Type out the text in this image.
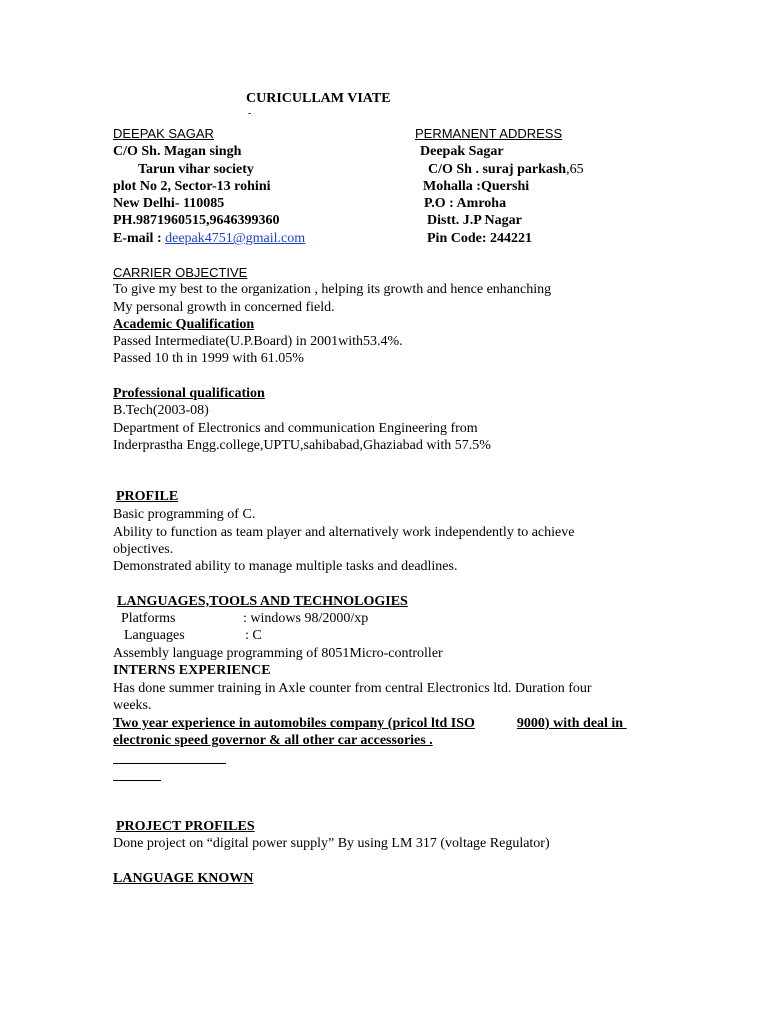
CURICULLAM VIATE
-
DEEPAK SAGAR
C/O Sh. Magan singh
Tarun vihar society
plot No 2, Sector-13 rohini
New Delhi- 110085
PH.9871960515,9646399360
E-mail : deepak4751@gmail.com
PERMANENT ADDRESS
Deepak Sagar
C/O Sh . suraj parkash,65
Mohalla :Quershi
P.O : Amroha
Distt. J.P Nagar
Pin Code: 244221
CARRIER OBJECTIVE
To give my best to the organization , helping its growth and hence enhanching
My personal growth in concerned field.
Academic Qualification
Passed Intermediate(U.P.Board) in 2001with53.4%.
Passed 10 th in 1999 with 61.05%
Professional qualification
B.Tech(2003-08)
Department of Electronics and communication Engineering from
Inderprastha Engg.college,UPTU,sahibabad,Ghaziabad with 57.5%
PROFILE
Basic programming of C.
Ability to function as team player and alternatively work independently to achieve
objectives.
Demonstrated ability to manage multiple tasks and deadlines.
LANGUAGES,TOOLS AND TECHNOLOGIES
Platforms	: windows 98/2000/xp
Languages	: C
Assembly language programming of 8051Micro-controller
INTERNS EXPERIENCE
Has done summer training in Axle counter from central Electronics ltd. Duration four
weeks.
Two year experience in automobiles company (pricol ltd ISO	9000) with deal in
electronic speed governor & all other car accessories .
PROJECT PROFILES
Done project on “digital power supply” By using LM 317 (voltage Regulator)
LANGUAGE KNOWN
